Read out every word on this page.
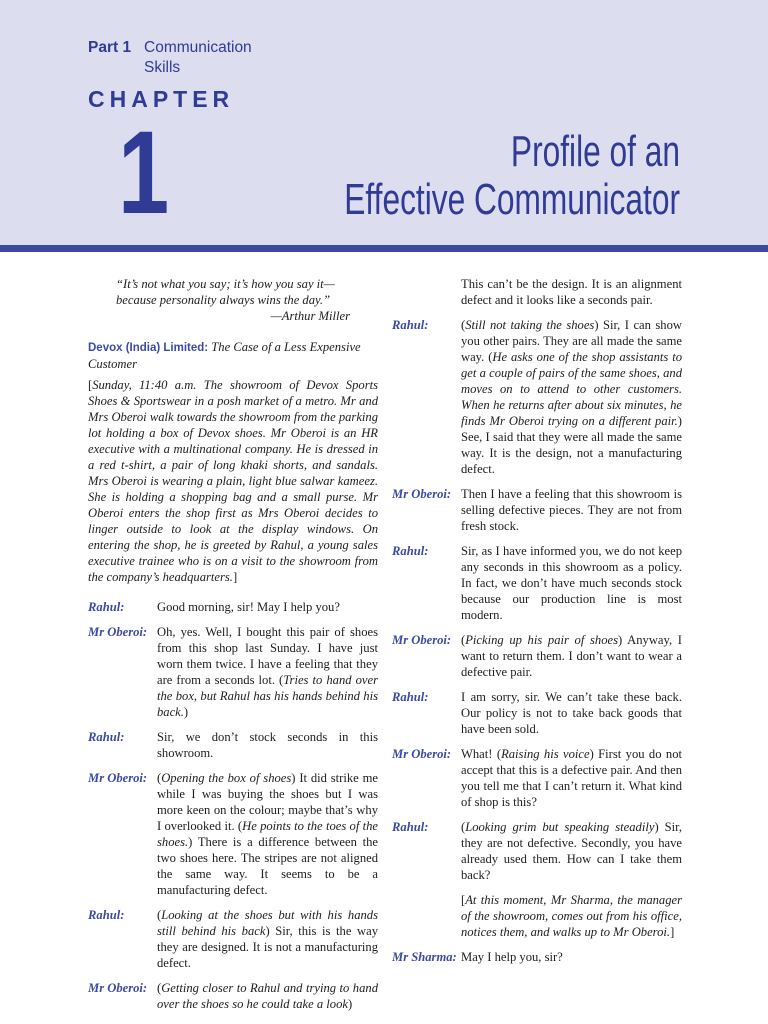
Part 1 Communication Skills
CHAPTER
1	Profile of an
Effective Communicator
“It’s not what you say; it’s how you say it—because personality always wins the day.”
—Arthur Miller
Devox (India) Limited: The Case of a Less Expensive Customer
[Sunday, 11:40 a.m. The showroom of Devox Sports Shoes & Sportswear in a posh market of a metro. Mr and Mrs Oberoi walk towards the showroom from the parking lot holding a box of Devox shoes. Mr Oberoi is an HR executive with a multinational company. He is dressed in a red t-shirt, a pair of long khaki shorts, and sandals. Mrs Oberoi is wearing a plain, light blue salwar kameez. She is holding a shopping bag and a small purse. Mr Oberoi enters the shop first as Mrs Oberoi decides to linger outside to look at the display windows. On entering the shop, he is greeted by Rahul, a young sales executive trainee who is on a visit to the showroom from the company’s headquarters.]
Rahul:	Good morning, sir! May I help you?
Mr Oberoi: Oh, yes. Well, I bought this pair of shoes from this shop last Sunday. I have just worn them twice. I have a feeling that they are from a seconds lot. (Tries to hand over the box, but Rahul has his hands behind his back.)
Rahul:	Sir, we don’t stock seconds in this showroom.
Mr Oberoi: (Opening the box of shoes) It did strike me while I was buying the shoes but I was more keen on the colour; maybe that’s why I overlooked it. (He points to the toes of the shoes.) There is a difference between the two shoes here. The stripes are not aligned the same way. It seems to be a manufacturing defect.
Rahul:	(Looking at the shoes but with his hands still behind his back) Sir, this is the way they are designed. It is not a manufacturing defect.
Mr Oberoi: (Getting closer to Rahul and trying to hand over the shoes so he could take a look)
This can’t be the design. It is an alignment defect and it looks like a seconds pair.
Rahul:	(Still not taking the shoes) Sir, I can show you other pairs. They are all made the same way. (He asks one of the shop assistants to get a couple of pairs of the same shoes, and moves on to attend to other customers. When he returns after about six minutes, he finds Mr Oberoi trying on a different pair.) See, I said that they were all made the same way. It is the design, not a manufacturing defect.
Mr Oberoi: Then I have a feeling that this showroom is selling defective pieces. They are not from fresh stock.
Rahul:	Sir, as I have informed you, we do not keep any seconds in this showroom as a policy. In fact, we don’t have much seconds stock because our production line is most modern.
Mr Oberoi: (Picking up his pair of shoes) Anyway, I want to return them. I don’t want to wear a defective pair.
Rahul:	I am sorry, sir. We can’t take these back. Our policy is not to take back goods that have been sold.
Mr Oberoi: What! (Raising his voice) First you do not accept that this is a defective pair. And then you tell me that I can’t return it. What kind of shop is this?
Rahul:	(Looking grim but speaking steadily) Sir, they are not defective. Secondly, you have already used them. How can I take them back?
[At this moment, Mr Sharma, the manager of the showroom, comes out from his office, notices them, and walks up to Mr Oberoi.]
Mr Sharma: May I help you, sir?
